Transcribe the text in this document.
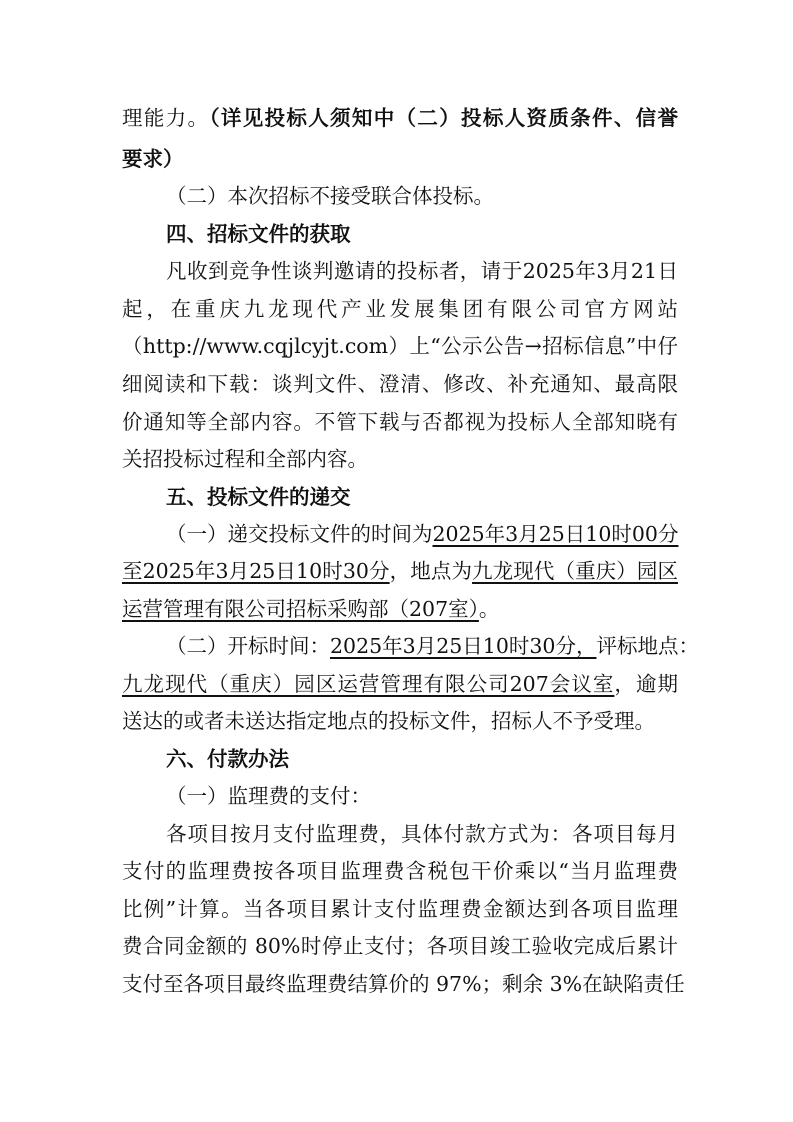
理能力。（详见投标人须知中（二）投标人资质条件、信誉
要求）
（二）本次招标不接受联合体投标。
四、招标文件的获取
凡收到竞争性谈判邀请的投标者，请于2025年3月21日
起，在重庆九龙现代产业发展集团有限公司官方网站
（http://www.cqjlcyjt.com）上“公示公告→招标信息”中仔
细阅读和下载：谈判文件、澄清、修改、补充通知、最高限
价通知等全部内容。不管下载与否都视为投标人全部知晓有
关招投标过程和全部内容。
五、投标文件的递交
（一）递交投标文件的时间为2025年3月25日10时00分
至2025年3月25日10时30分，地点为九龙现代（重庆）园区
运营管理有限公司招标采购部（207室）。
（二）开标时间：2025年3月25日10时30分，评标地点：
九龙现代（重庆）园区运营管理有限公司207会议室，逾期
送达的或者未送达指定地点的投标文件，招标人不予受理。
六、付款办法
（一）监理费的支付：
各项目按月支付监理费，具体付款方式为：各项目每月
支付的监理费按各项目监理费含税包干价乘以“当月监理费
比例”计算。当各项目累计支付监理费金额达到各项目监理
费合同金额的 80%时停止支付；各项目竣工验收完成后累计
支付至各项目最终监理费结算价的 97%；剩余 3%在缺陷责任
